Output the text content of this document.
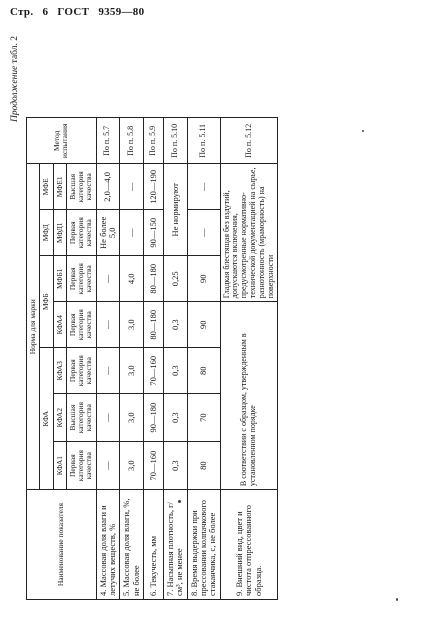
Стр. 6 ГОСТ 9359—80
Продолжение табл. 2
Наименование показателя	Норма для марки							Метод испытания	
	КФА			МФБ		МФД	МФЕ		
	КФА1	КФА2	КФА3	КФА4	МФБ1	МФД1	МФЕ1		
	Первая категория качества	Высшая категория качества	Первая категория качества	Первая категория качества	Первая категория качества	Первая категория качества	Высшая категория качества		
4. Массовая доля влаги и летучих веществ, %	—	—	—	—	—	Не более 5,0	2,0—4,0	По п. 5.7	
5. Массовая доля влаги, %, не более	3,0	3,0	3,0	3,0	4,0	—	—	По п. 5.8	
6. Текучесть, мм	70—160	90—180	70—160	80—180	80—180	90—150	120—190	По п. 5.9	
7. Насыпная плотность, г/см³, не менее	0,3	0,3	0,3	0,3	0,25	Не нормируют		По п. 5.10	
8. Время выдержки при прессовании колпачкового стаканчика, с, не более	80	70	80	90	90	—	—	По п. 5.11	
9. Внешний вид, цвет и чистота отпрессованного образца.	В соответствии с образцом, утвержденным в установленном порядке				Гладкая блестящая без вздутий, допускаются включения, предусмотренные нормативно-технической документацией на сырье, разнотонность (мраморность) на поверхности			По п. 5.12	
